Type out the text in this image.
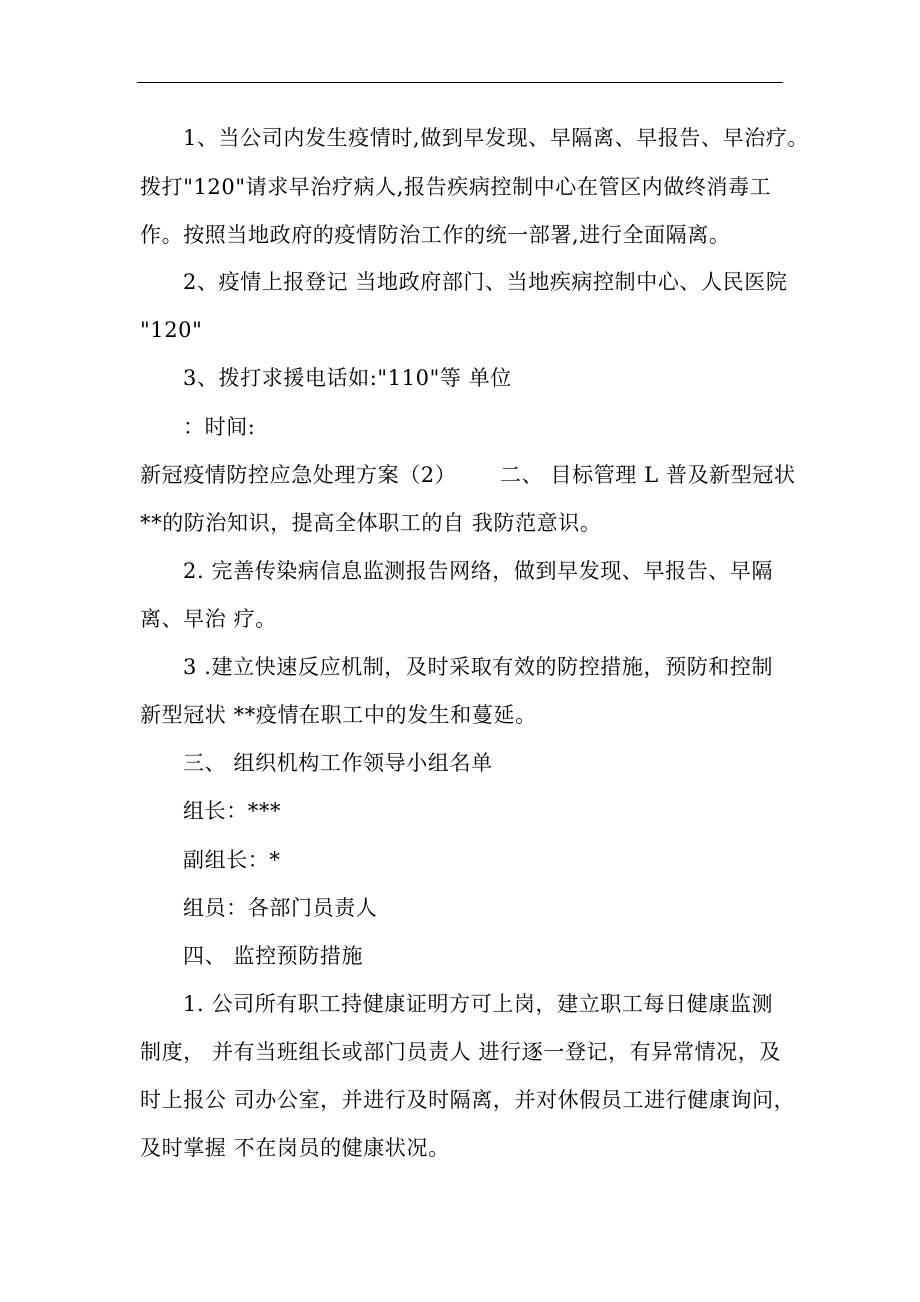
1、当公司内发生疫情时,做到早发现、早隔离、早报告、早治疗。
拨打"120"请求早治疗病人,报告疾病控制中心在管区内做终消毒工
作。按照当地政府的疫情防治工作的统一部署,进行全面隔离。
2、疫情上报登记 当地政府部门、当地疾病控制中心、人民医院
"120"
3、拨打求援电话如:"110"等 单位
：时间:
新冠疫情防控应急处理方案（2）      二、 目标管理 L 普及新型冠状
**的防治知识，提高全体职工的自 我防范意识。
2. 完善传染病信息监测报告网络，做到早发现、早报告、早隔
离、早治 疗。
3 .建立快速反应机制，及时采取有效的防控措施，预防和控制
新型冠状 **疫情在职工中的发生和蔓延。
三、 组织机构工作领导小组名单
组长：***
副组长：*
组员：各部门员责人
四、 监控预防措施
1. 公司所有职工持健康证明方可上岗，建立职工每日健康监测
制度， 并有当班组长或部门员责人 进行逐一登记，有异常情况，及
时上报公 司办公室，并进行及时隔离，并对休假员工进行健康询问，
及时掌握 不在岗员的健康状况。
